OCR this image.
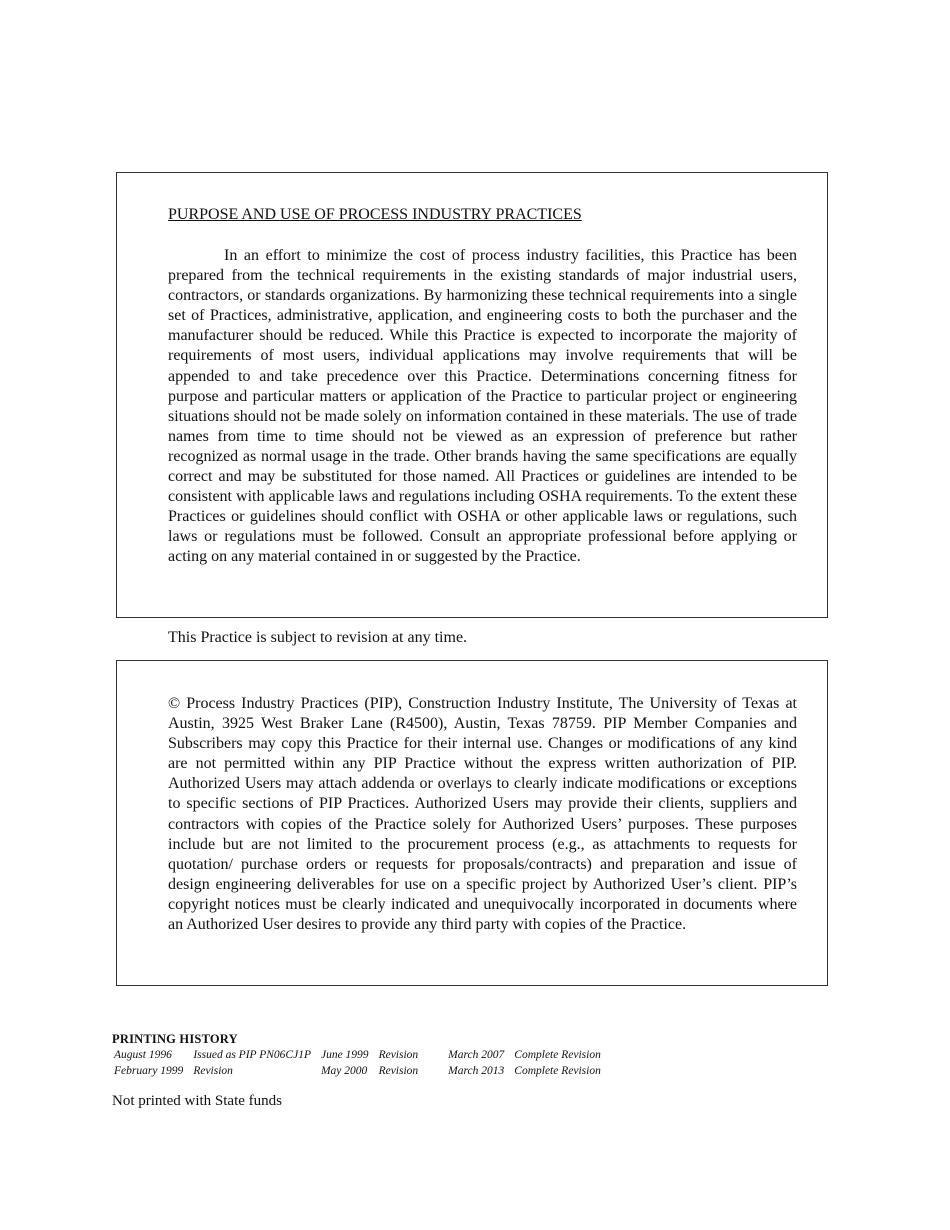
PURPOSE AND USE OF PROCESS INDUSTRY PRACTICES
In an effort to minimize the cost of process industry facilities, this Practice has been prepared from the technical requirements in the existing standards of major industrial users, contractors, or standards organizations. By harmonizing these technical requirements into a single set of Practices, administrative, application, and engineering costs to both the purchaser and the manufacturer should be reduced. While this Practice is expected to incorporate the majority of requirements of most users, individual applications may involve requirements that will be appended to and take precedence over this Practice. Determinations concerning fitness for purpose and particular matters or application of the Practice to particular project or engineering situations should not be made solely on information contained in these materials. The use of trade names from time to time should not be viewed as an expression of preference but rather recognized as normal usage in the trade. Other brands having the same specifications are equally correct and may be substituted for those named. All Practices or guidelines are intended to be consistent with applicable laws and regulations including OSHA requirements. To the extent these Practices or guidelines should conflict with OSHA or other applicable laws or regulations, such laws or regulations must be followed. Consult an appropriate professional before applying or acting on any material contained in or suggested by the Practice.
This Practice is subject to revision at any time.
© Process Industry Practices (PIP), Construction Industry Institute, The University of Texas at Austin, 3925 West Braker Lane (R4500), Austin, Texas 78759. PIP Member Companies and Subscribers may copy this Practice for their internal use. Changes or modifications of any kind are not permitted within any PIP Practice without the express written authorization of PIP. Authorized Users may attach addenda or overlays to clearly indicate modifications or exceptions to specific sections of PIP Practices. Authorized Users may provide their clients, suppliers and contractors with copies of the Practice solely for Authorized Users’ purposes. These purposes include but are not limited to the procurement process (e.g., as attachments to requests for quotation/ purchase orders or requests for proposals/contracts) and preparation and issue of design engineering deliverables for use on a specific project by Authorized User’s client. PIP’s copyright notices must be clearly indicated and unequivocally incorporated in documents where an Authorized User desires to provide any third party with copies of the Practice.
PRINTING HISTORY
August 1996	Issued as PIP PN06CJ1P	June 1999	Revision	March 2007	Complete Revision
February 1999	Revision	May 2000	Revision	March 2013	Complete Revision
Not printed with State funds
